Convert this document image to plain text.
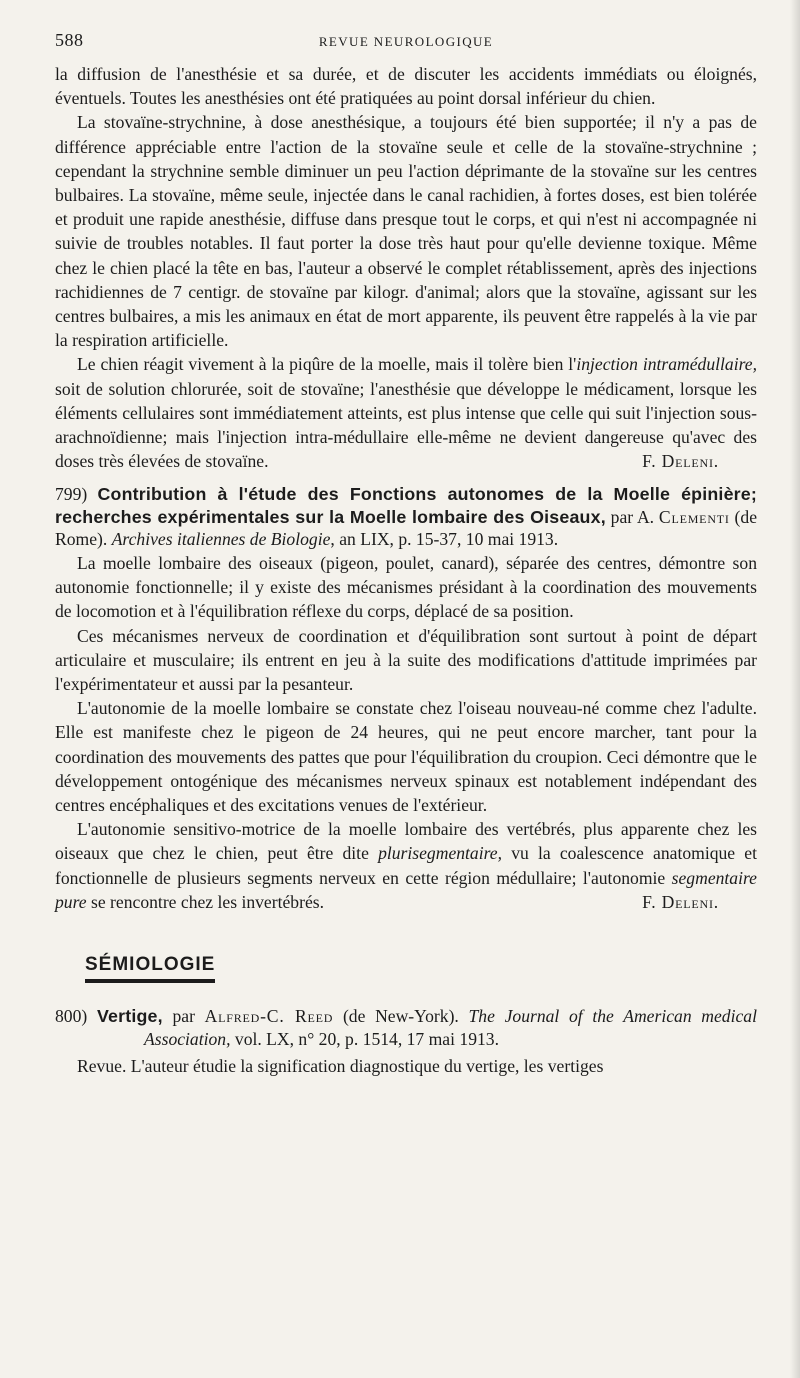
588	REVUE NEUROLOGIQUE

la diffusion de l'anesthésie et sa durée, et de discuter les accidents immédiats ou éloignés, éventuels. Toutes les anesthésies ont été pratiquées au point dorsal inférieur du chien.

La stovaïne-strychnine, à dose anesthésique, a toujours été bien supportée; il n'y a pas de différence appréciable entre l'action de la stovaïne seule et celle de la stovaïne-strychnine ; cependant la strychnine semble diminuer un peu l'action déprimante de la stovaïne sur les centres bulbaires. La stovaïne, même seule, injectée dans le canal rachidien, à fortes doses, est bien tolérée et produit une rapide anesthésie, diffuse dans presque tout le corps, et qui n'est ni accompagnée ni suivie de troubles notables. Il faut porter la dose très haut pour qu'elle devienne toxique. Même chez le chien placé la tête en bas, l'auteur a observé le complet rétablissement, après des injections rachidiennes de 7 centigr. de stovaïne par kilogr. d'animal; alors que la stovaïne, agissant sur les centres bulbaires, a mis les animaux en état de mort apparente, ils peuvent être rappelés à la vie par la respiration artificielle.

Le chien réagit vivement à la piqûre de la moelle, mais il tolère bien l'injection intramédullaire, soit de solution chlorurée, soit de stovaïne; l'anesthésie que développe le médicament, lorsque les éléments cellulaires sont immédiatement atteints, est plus intense que celle qui suit l'injection sous-arachnoïdienne; mais l'injection intra-médullaire elle-même ne devient dangereuse qu'avec des doses très élevées de stovaïne.	F. Deleni.

799) Contribution à l'étude des Fonctions autonomes de la Moelle épinière; recherches expérimentales sur la Moelle lombaire des Oiseaux, par A. Clementi (de Rome). Archives italiennes de Biologie, an LIX, p. 15-37, 10 mai 1913.

La moelle lombaire des oiseaux (pigeon, poulet, canard), séparée des centres, démontre son autonomie fonctionnelle; il y existe des mécanismes présidant à la coordination des mouvements de locomotion et à l'équilibration réflexe du corps, déplacé de sa position.

Ces mécanismes nerveux de coordination et d'équilibration sont surtout à point de départ articulaire et musculaire; ils entrent en jeu à la suite des modifications d'attitude imprimées par l'expérimentateur et aussi par la pesanteur.

L'autonomie de la moelle lombaire se constate chez l'oiseau nouveau-né comme chez l'adulte. Elle est manifeste chez le pigeon de 24 heures, qui ne peut encore marcher, tant pour la coordination des mouvements des pattes que pour l'équilibration du croupion. Ceci démontre que le développement ontogénique des mécanismes nerveux spinaux est notablement indépendant des centres encéphaliques et des excitations venues de l'extérieur.

L'autonomie sensitivo-motrice de la moelle lombaire des vertébrés, plus apparente chez les oiseaux que chez le chien, peut être dite plurisegmentaire, vu la coalescence anatomique et fonctionnelle de plusieurs segments nerveux en cette région médullaire; l'autonomie segmentaire pure se rencontre chez les invertébrés.	F. Deleni.

SÉMIOLOGIE

800) Vertige, par Alfred-C. Reed (de New-York). The Journal of the American medical Association, vol. LX, n° 20, p. 1514, 17 mai 1913.

Revue. L'auteur étudie la signification diagnostique du vertige, les vertiges
